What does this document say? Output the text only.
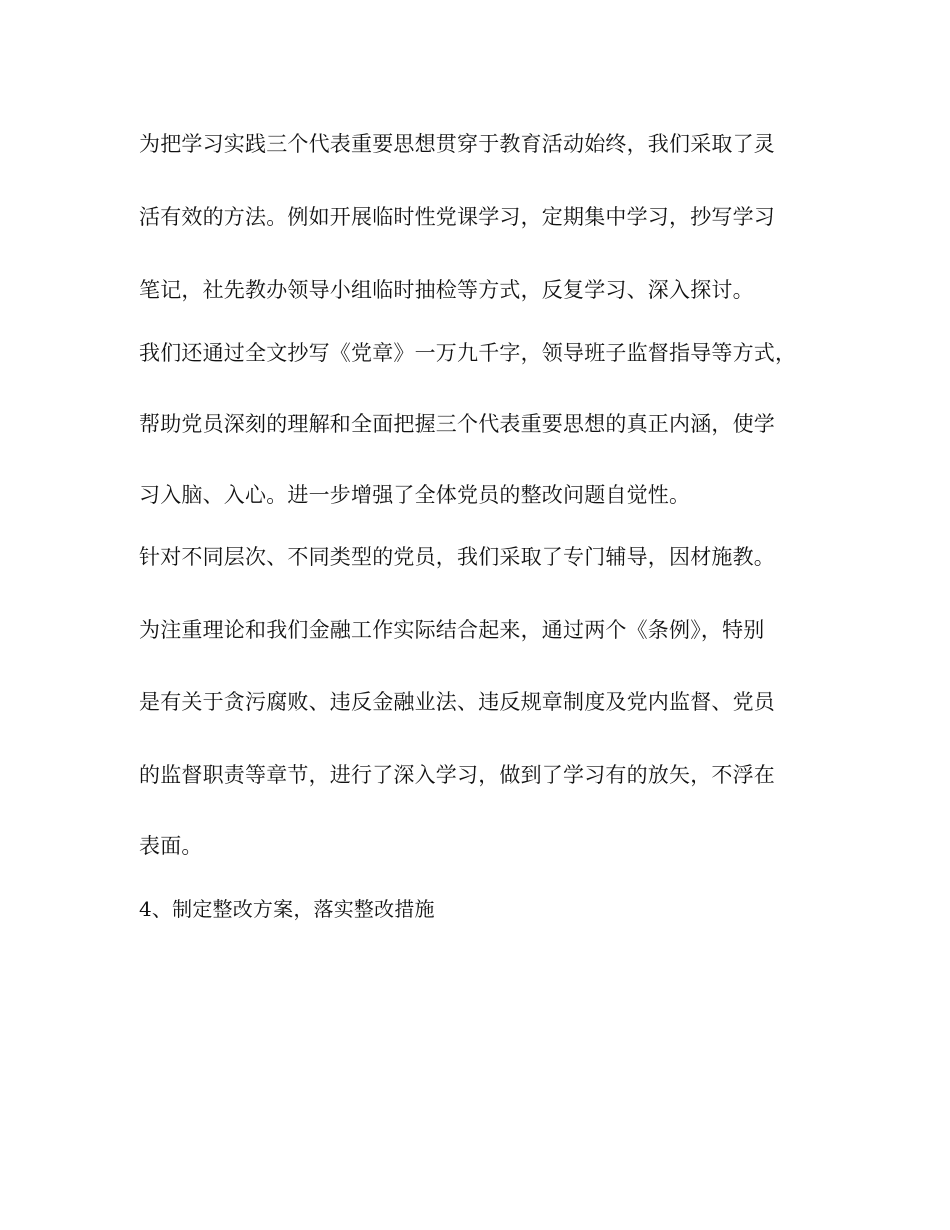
为把学习实践三个代表重要思想贯穿于教育活动始终，我们采取了灵
活有效的方法。例如开展临时性党课学习，定期集中学习，抄写学习
笔记，社先教办领导小组临时抽检等方式，反复学习、深入探讨。
我们还通过全文抄写《党章》一万九千字，领导班子监督指导等方式，
帮助党员深刻的理解和全面把握三个代表重要思想的真正内涵，使学
习入脑、入心。进一步增强了全体党员的整改问题自觉性。
针对不同层次、不同类型的党员，我们采取了专门辅导，因材施教。
为注重理论和我们金融工作实际结合起来，通过两个《条例》，特别
是有关于贪污腐败、违反金融业法、违反规章制度及党内监督、党员
的监督职责等章节，进行了深入学习，做到了学习有的放矢，不浮在
表面。
4、制定整改方案，落实整改措施
